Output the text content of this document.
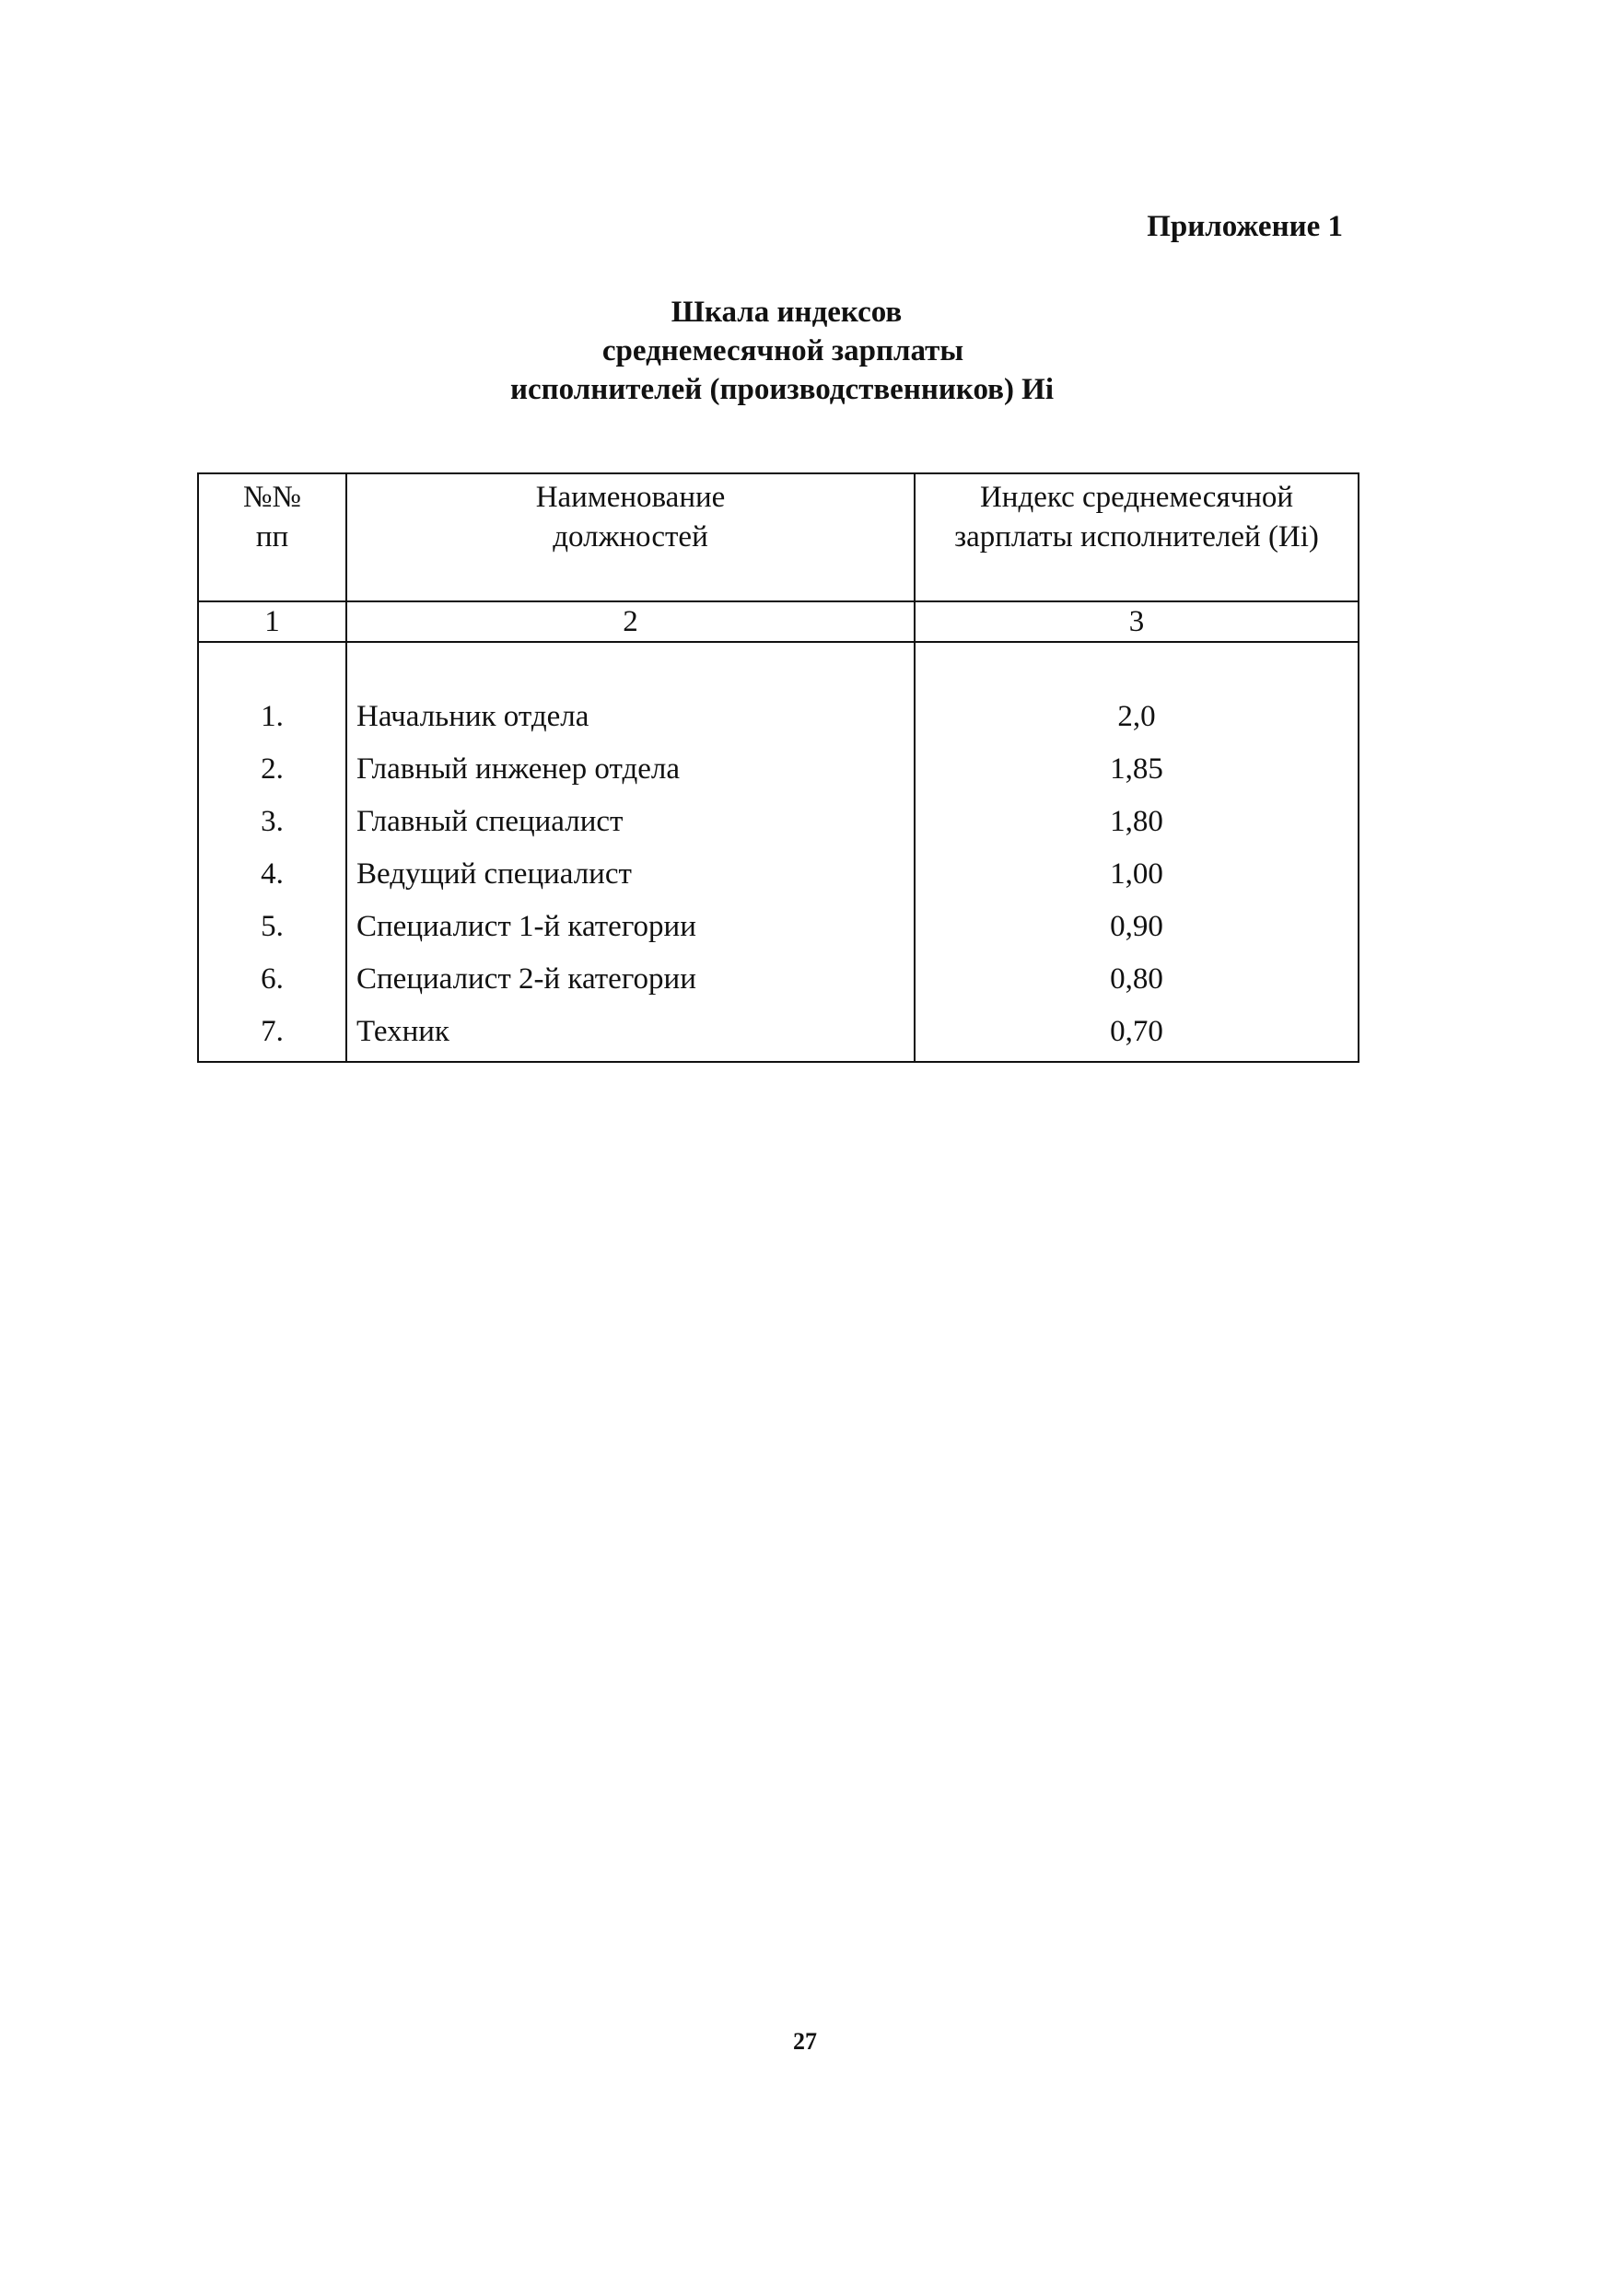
Приложение 1
Шкала индексов
среднемесячной зарплаты
исполнителей (производственников) Иi
№№ пп	Наименование должностей	Индекс среднемесячной зарплаты исполнителей (Иi)
1	2	3

1.	Начальник отдела	2,0
2.	Главный инженер отдела	1,85
3.	Главный специалист	1,80
4.	Ведущий специалист	1,00
5.	Специалист 1-й категории	0,90
6.	Специалист 2-й категории	0,80
7.	Техник	0,70
27
